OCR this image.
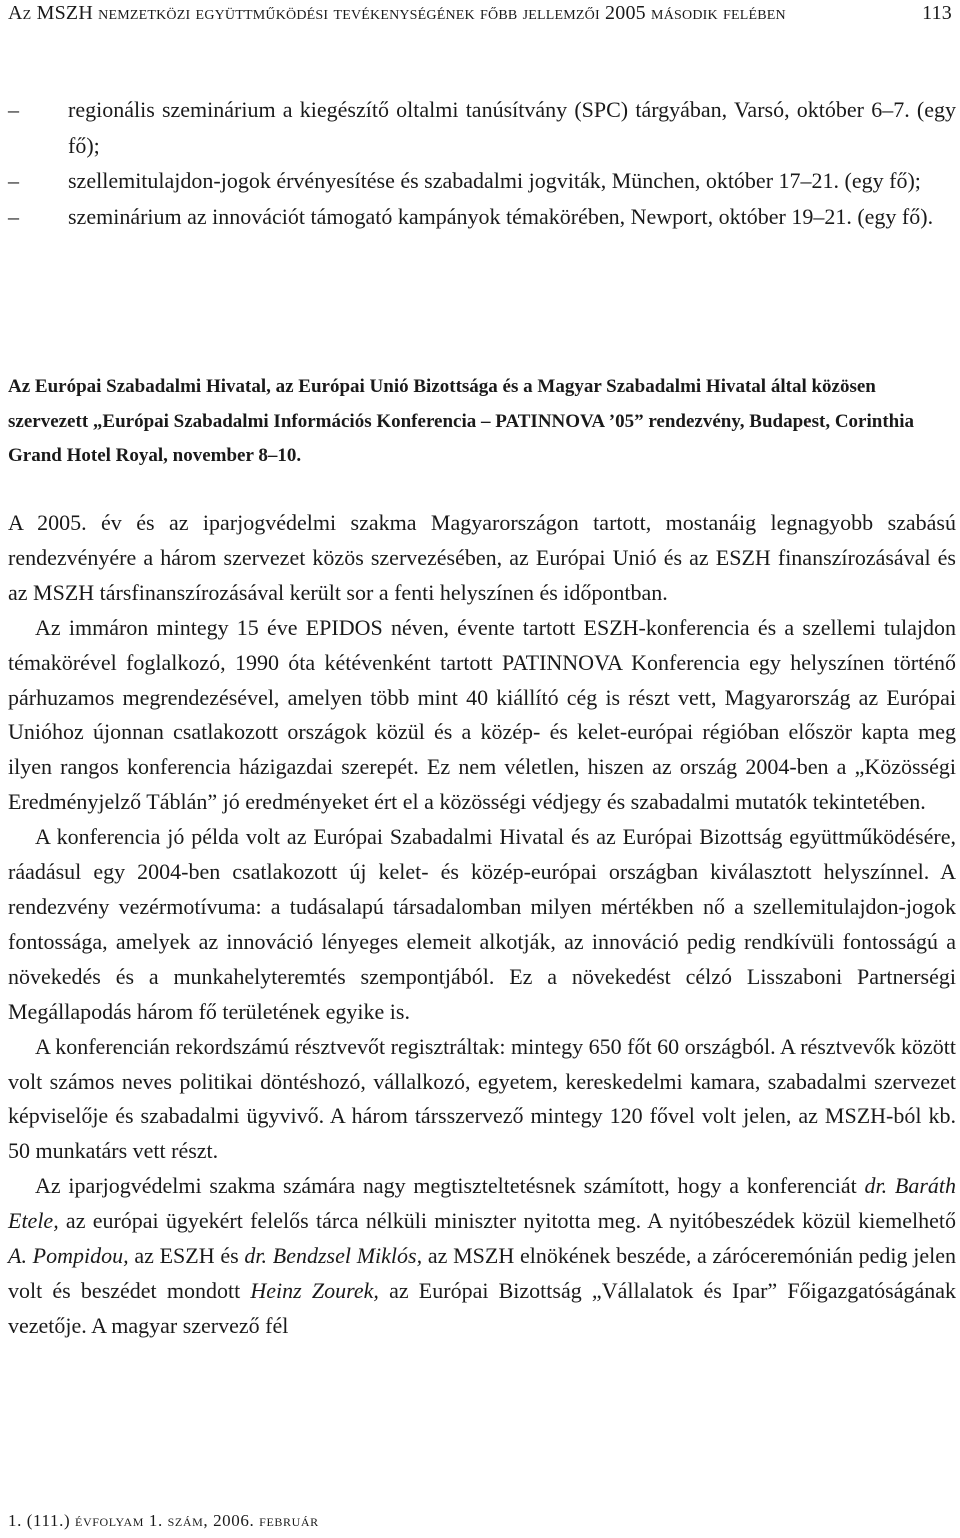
Az MSZH nemzetközi együttműködési tevékenységének főbb jellemzői 2005 második felében	113
– regionális szeminárium a kiegészítő oltalmi tanúsítvány (SPC) tárgyában, Varsó, október 6–7. (egy fő);
– szellemitulajdon-jogok érvényesítése és szabadalmi jogviták, München, október 17–21. (egy fő);
– szeminárium az innovációt támogató kampányok témakörében, Newport, október 19–21. (egy fő).
Az Európai Szabadalmi Hivatal, az Európai Unió Bizottsága és a Magyar Szabadalmi Hivatal által közösen szervezett „Európai Szabadalmi Információs Konferencia – PATINNOVA ’05” rendezvény, Budapest, Corinthia Grand Hotel Royal, november 8–10.

A 2005. év és az iparjogvédelmi szakma Magyarországon tartott, mostanáig legnagyobb szabású rendezvényére a három szervezet közös szervezésében, az Európai Unió és az ESZH finanszírozásával és az MSZH társfinanszírozásával került sor a fenti helyszínen és időpontban.

Az immáron mintegy 15 éve EPIDOS néven, évente tartott ESZH-konferencia és a szellemi tulajdon témakörével foglalkozó, 1990 óta kétévenként tartott PATINNOVA Konferencia egy helyszínen történő párhuzamos megrendezésével, amelyen több mint 40 kiállító cég is részt vett, Magyarország az Európai Unióhoz újonnan csatlakozott országok közül és a közép- és kelet-európai régióban először kapta meg ilyen rangos konferencia házigazdai szerepét. Ez nem véletlen, hiszen az ország 2004-ben a „Közösségi Eredményjelző Táblán” jó eredményeket ért el a közösségi védjegy és szabadalmi mutatók tekintetében.

A konferencia jó példa volt az Európai Szabadalmi Hivatal és az Európai Bizottság együttműködésére, ráadásul egy 2004-ben csatlakozott új kelet- és közép-európai országban kiválasztott helyszínnel. A rendezvény vezérmotívuma: a tudásalapú társadalomban milyen mértékben nő a szellemitulajdon-jogok fontossága, amelyek az innováció lényeges elemeit alkotják, az innováció pedig rendkívüli fontosságú a növekedés és a munkahelyteremtés szempontjából. Ez a növekedést célzó Lisszaboni Partnerségi Megállapodás három fő területének egyike is.

A konferencián rekordszámú résztvevőt regisztráltak: mintegy 650 főt 60 országból. A résztvevők között volt számos neves politikai döntéshozó, vállalkozó, egyetem, kereskedelmi kamara, szabadalmi szervezet képviselője és szabadalmi ügyvivő. A három társszervező mintegy 120 fővel volt jelen, az MSZH-ból kb. 50 munkatárs vett részt.

Az iparjogvédelmi szakma számára nagy megtiszteltetésnek számított, hogy a konferenciát dr. Baráth Etele, az európai ügyekért felelős tárca nélküli miniszter nyitotta meg. A nyitóbeszédek közül kiemelhető A. Pompidou, az ESZH és dr. Bendzsel Miklós, az MSZH elnökének beszéde, a záróceremónián pedig jelen volt és beszédet mondott Heinz Zourek, az Európai Bizottság „Vállalatok és Ipar” Főigazgatóságának vezetője. A magyar szervező fél

1. (111.) évfolyam 1. szám, 2006. február
